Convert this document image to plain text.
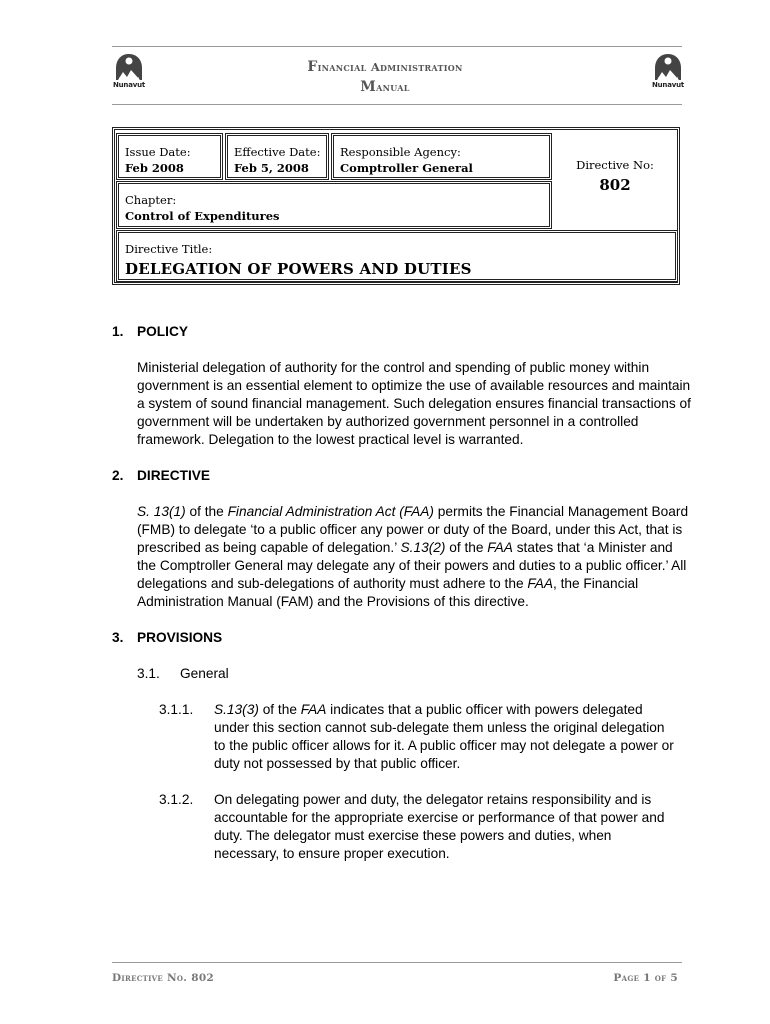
Nunavut	Nunavut
Financial Administration
Manual
Issue Date:
Feb 2008
Effective Date:
Feb 5, 2008
Responsible Agency:
Comptroller General
Chapter:
Control of Expenditures
Directive Title:
DELEGATION OF POWERS AND DUTIES
Directive No:
802

1. POLICY

Ministerial delegation of authority for the control and spending of public money within government is an essential element to optimize the use of available resources and maintain a system of sound financial management. Such delegation ensures financial transactions of government will be undertaken by authorized government personnel in a controlled framework. Delegation to the lowest practical level is warranted.

2. DIRECTIVE

S. 13(1) of the Financial Administration Act (FAA) permits the Financial Management Board (FMB) to delegate ‘to a public officer any power or duty of the Board, under this Act, that is prescribed as being capable of delegation.’ S.13(2) of the FAA states that ‘a Minister and the Comptroller General may delegate any of their powers and duties to a public officer.’ All delegations and sub-delegations of authority must adhere to the FAA, the Financial Administration Manual (FAM) and the Provisions of this directive.

3. PROVISIONS

3.1.	General

3.1.1.	S.13(3) of the FAA indicates that a public officer with powers delegated under this section cannot sub-delegate them unless the original delegation to the public officer allows for it. A public officer may not delegate a power or duty not possessed by that public officer.
3.1.2.	On delegating power and duty, the delegator retains responsibility and is accountable for the appropriate exercise or performance of that power and duty. The delegator must exercise these powers and duties, when necessary, to ensure proper execution.
Directive No. 802	Page 1 of 5
